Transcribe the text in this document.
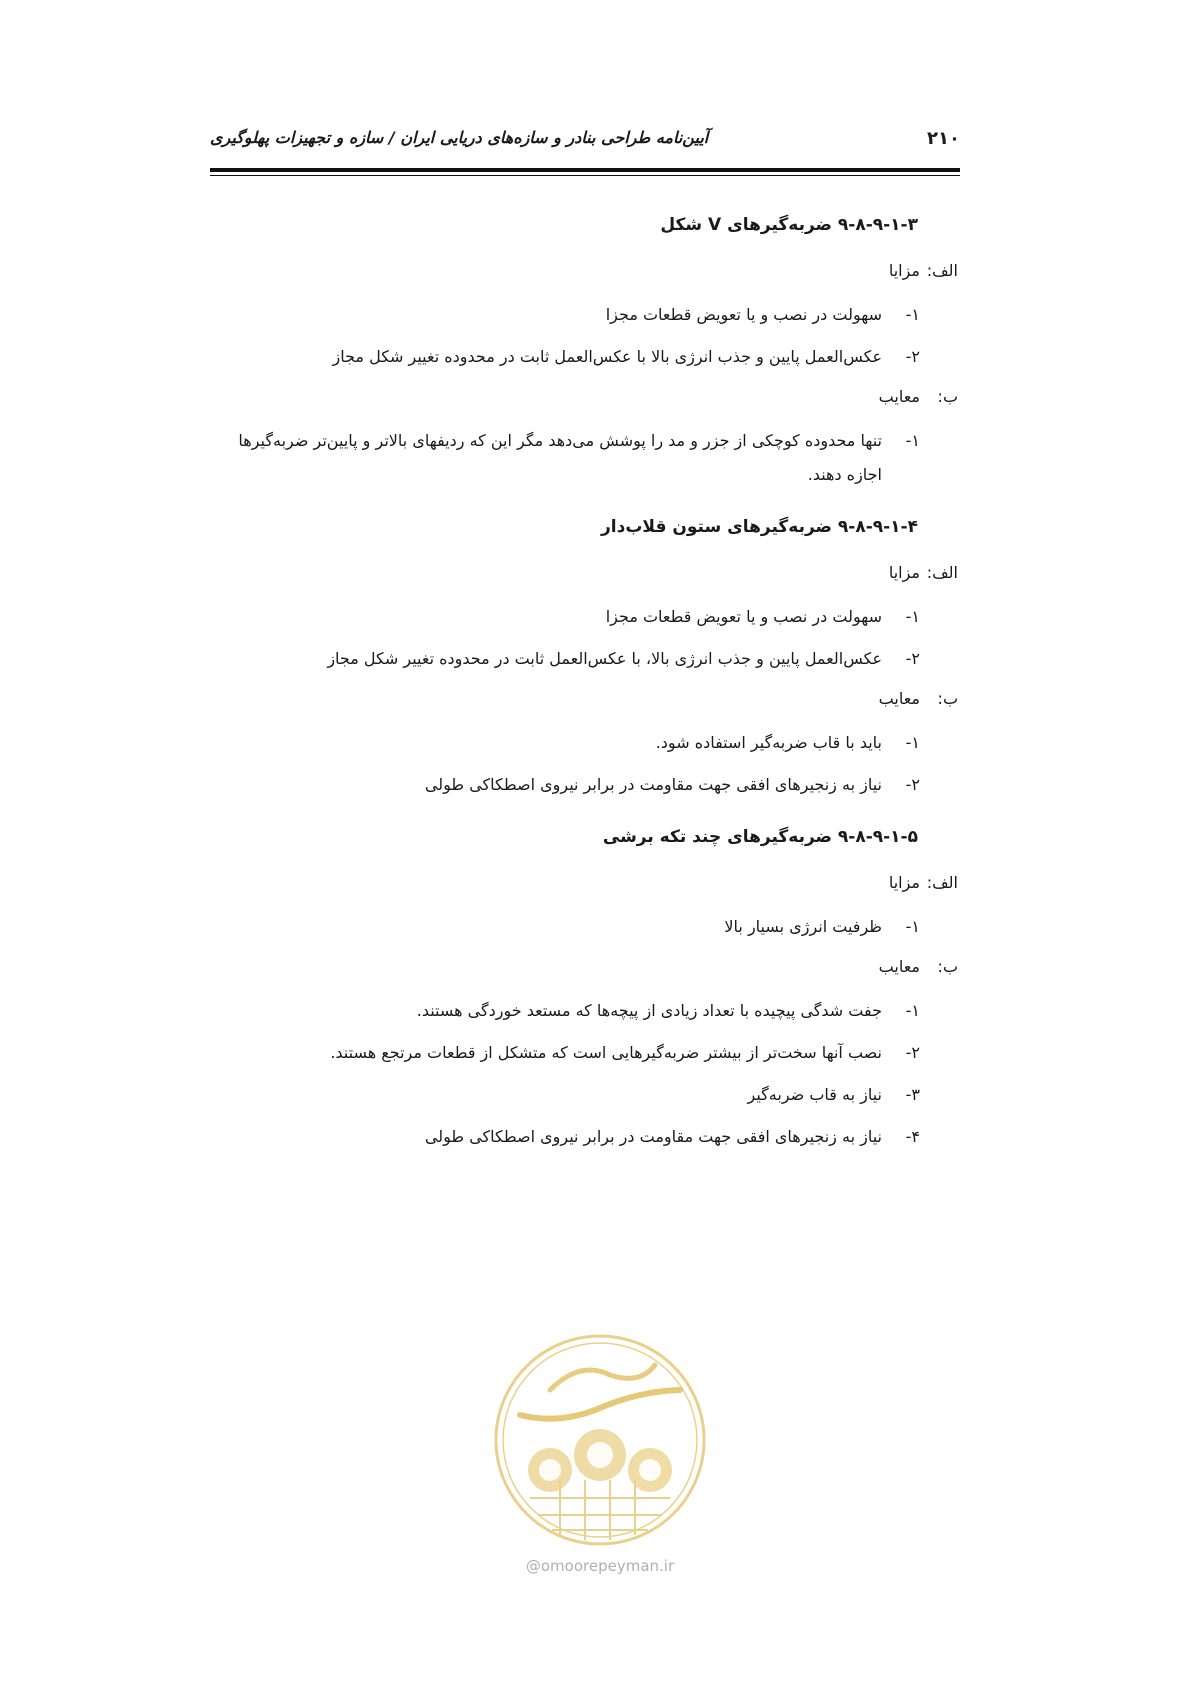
۲۱۰
آیین‌نامه طراحی بنادر و سازه‌های دریایی ایران / سازه و تجهیزات پهلوگیری
۹-۸-۹-۱-۳ ضربه‌گیرهای V شکل
الف:مزایا
۱-
سهولت در نصب و یا تعویض قطعات مجزا
۲-
عکس‌العمل پایین و جذب انرژی بالا با عکس‌العمل ثابت در محدوده تغییر شکل مجاز
ب:معایب
۱-
تنها محدوده کوچکی از جزر و مد را پوشش می‌دهد مگر این که ردیفهای بالاتر و پایین‌تر ضربه‌گیرها اجازه دهند.
۹-۸-۹-۱-۴ ضربه‌گیرهای ستون قلاب‌دار
الف:مزایا
۱-
سهولت در نصب و یا تعویض قطعات مجزا
۲-
عکس‌العمل پایین و جذب انرژی بالا، با عکس‌العمل ثابت در محدوده تغییر شکل مجاز
ب:معایب
۱-
باید با قاب ضربه‌گیر استفاده شود.
۲-
نیاز به زنجیرهای افقی جهت مقاومت در برابر نیروی اصطکاکی طولی
۹-۸-۹-۱-۵ ضربه‌گیرهای چند تکه برشی
الف:مزایا
۱-
ظرفیت انرژی بسیار بالا
ب:معایب
۱-
جفت شدگی پیچیده با تعداد زیادی از پیچه‌ها که مستعد خوردگی هستند.
۲-
نصب آنها سخت‌تر از بیشتر ضربه‌گیرهایی است که متشکل از قطعات مرتجع هستند.
۳-
نیاز به قاب ضربه‌گیر
۴-
نیاز به زنجیرهای افقی جهت مقاومت در برابر نیروی اصطکاکی طولی
@omoorepeyman.ir
